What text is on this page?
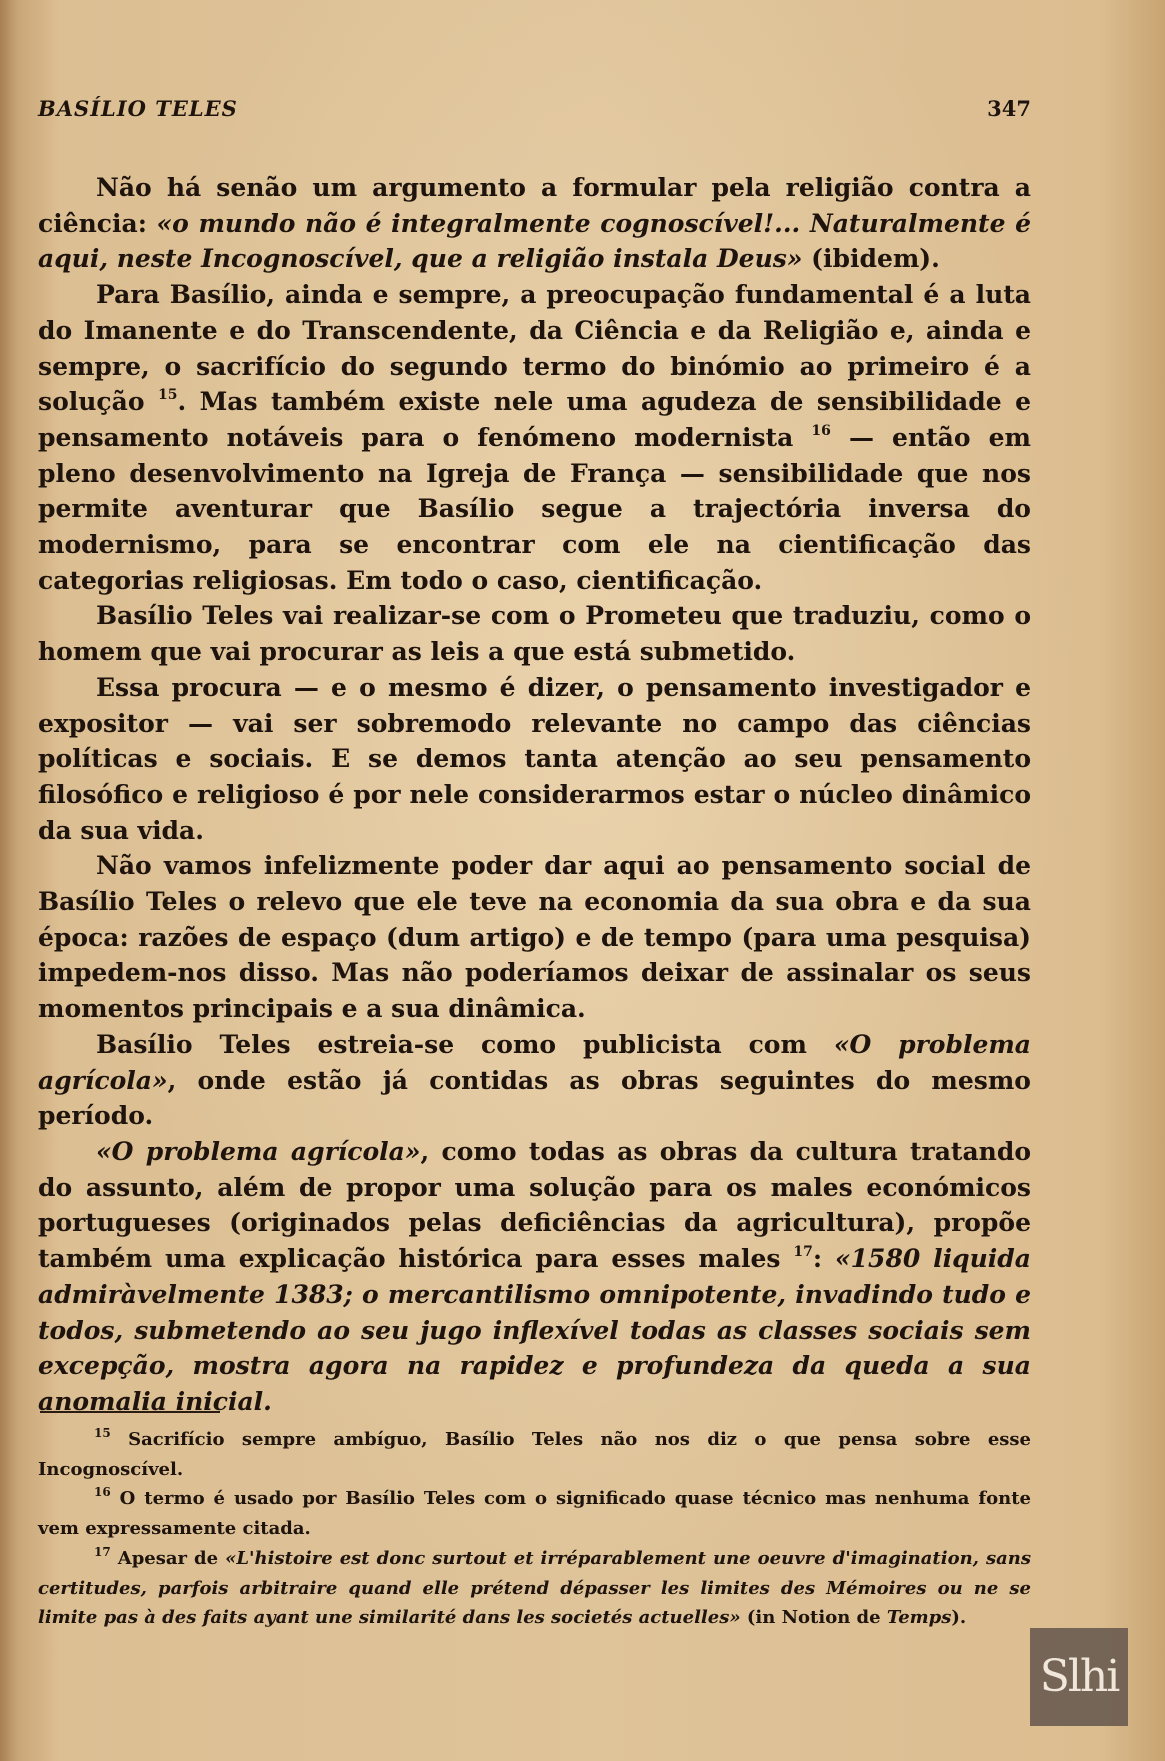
BASÍLIO TELES	347

Não há senão um argumento a formular pela religião contra a ciência: «o mundo não é integralmente cognoscível!... Naturalmente é aqui, neste Incognoscível, que a religião instala Deus» (ibidem).

Para Basílio, ainda e sempre, a preocupação fundamental é a luta do Imanente e do Transcendente, da Ciência e da Religião e, ainda e sempre, o sacrifício do segundo termo do binómio ao primeiro é a solução $^{15}$. Mas também existe nele uma agudeza de sensibilidade e pensamento notáveis para o fenómeno modernista $^{16}$ — então em pleno desenvolvimento na Igreja de França — sensibilidade que nos permite aventurar que Basílio segue a trajectória inversa do modernismo, para se encontrar com ele na cientificação das categorias religiosas. Em todo o caso, cientificação.

Basílio Teles vai realizar-se com o Prometeu que traduziu, como o homem que vai procurar as leis a que está submetido.

Essa procura — e o mesmo é dizer, o pensamento investigador e expositor — vai ser sobremodo relevante no campo das ciências políticas e sociais. E se demos tanta atenção ao seu pensamento filosófico e religioso é por nele considerarmos estar o núcleo dinâmico da sua vida.

Não vamos infelizmente poder dar aqui ao pensamento social de Basílio Teles o relevo que ele teve na economia da sua obra e da sua época: razões de espaço (dum artigo) e de tempo (para uma pesquisa) impedem-nos disso. Mas não poderíamos deixar de assinalar os seus momentos principais e a sua dinâmica.

Basílio Teles estreia-se como publicista com «O problema agrícola», onde estão já contidas as obras seguintes do mesmo período.

«O problema agrícola», como todas as obras da cultura tratando do assunto, além de propor uma solução para os males económicos portugueses (originados pelas deficiências da agricultura), propõe também uma explicação histórica para esses males $^{17}$: «1580 liquida admiràvelmente 1383; o mercantilismo omnipotente, invadindo tudo e todos, submetendo ao seu jugo inflexível todas as classes sociais sem excepção, mostra agora na rapidez e profundeza da queda a sua anomalia inicial.

$^{15}$ Sacrifício sempre ambíguo, Basílio Teles não nos diz o que pensa sobre esse Incognoscível.

$^{16}$ O termo é usado por Basílio Teles com o significado quase técnico mas nenhuma fonte vem expressamente citada.

$^{17}$ Apesar de «L'histoire est donc surtout et irréparablement une oeuvre d'imagination, sans certitudes, parfois arbitraire quand elle prétend dépasser les limites des Mémoires ou ne se limite pas à des faits ayant une similarité dans les societés actuelles» (in Notion de Temps).

Slhi
